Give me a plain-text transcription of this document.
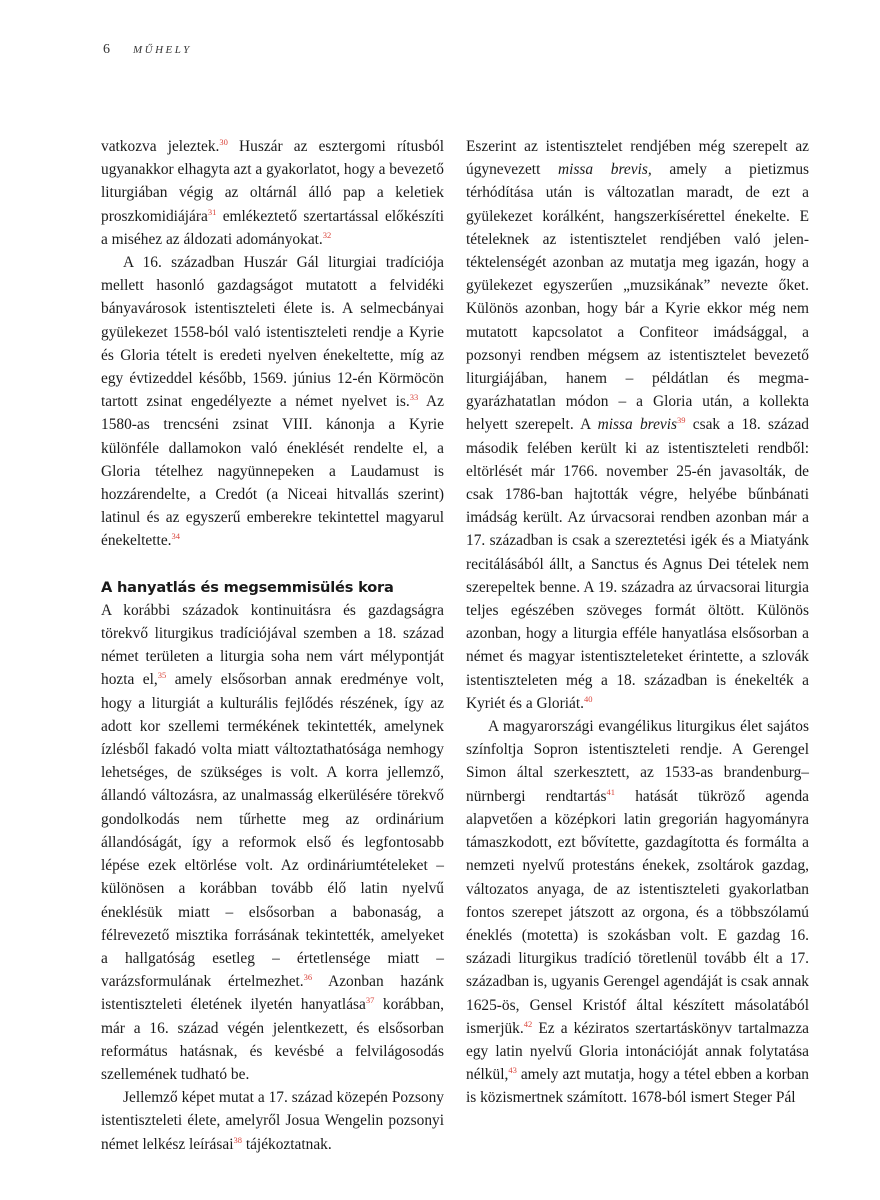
6	MŰHELY

vatkozva jeleztek.$^{30}$ Huszár az esztergomi rítusból ugyanakkor elhagyta azt a gyakorlatot, hogy a bevezető liturgiában végig az oltárnál álló pap a keletiek proszkomidiájára$^{31}$ emlékeztető szertartással előkészíti a miséhez az áldozati adományokat.$^{32}$

A 16. században Huszár Gál liturgiai tradíciója mellett hasonló gazdagságot mutatott a felvidéki bányavárosok istentiszteleti élete is. A selmecbányai gyülekezet 1558-ból való istentiszteleti rendje a Kyrie és Gloria tételt is eredeti nyelven énekeltette, míg az egy évtizeddel később, 1569. június 12-én Körmöcön tartott zsinat engedélyezte a német nyelvet is.$^{33}$ Az 1580-as trencséni zsinat VIII. kánonja a Kyrie különféle dallamokon való éneklését rendelte el, a Gloria tételhez nagyünnepeken a Laudamust is hozzárendelte, a Credót (a Niceai hitvallás szerint) latinul és az egyszerű emberekre tekintettel magyarul énekeltette.$^{34}$

A hanyatlás és megsemmisülés kora

A korábbi századok kontinuitásra és gazdagságra törekvő liturgikus tradíciójával szemben a 18. század német területen a liturgia soha nem várt mélypontját hozta el,$^{35}$ amely elsősorban annak eredménye volt, hogy a liturgiát a kulturális fejlődés részének, így az adott kor szellemi termékének tekintették, amelynek ízlésből fakadó volta miatt változtathatósága nemhogy lehetséges, de szükséges is volt. A korra jellemző, állandó változásra, az unalmasság elkerülésére törekvő gondolkodás nem tűrhette meg az ordinárium állandóságát, így a reformok első és legfontosabb lépése ezek eltörlése volt. Az ordináriumtételeket – különösen a korábban tovább élő latin nyelvű éneklésük miatt – elsősorban a babonaság, a félrevezető misztika forrásának tekintették, amelyeket a hallgatóság esetleg – értetlensége miatt – varázsformulának értelmezhet.$^{36}$ Azonban hazánk istentiszteleti életének ilyetén hanyatlása$^{37}$ korábban, már a 16. század végén jelentkezett, és elsősorban református hatásnak, és kevésbé a felvilágosodás szellemének tudható be.

Jellemző képet mutat a 17. század közepén Pozsony istentiszteleti élete, amelyről Josua Wengelin pozsonyi német lelkész leírásai$^{38}$ tájékoztatnak.

Eszerint az istentisztelet rendjében még szerepelt az úgynevezett missa brevis, amely a pietizmus térhódítása után is változatlan maradt, de ezt a gyülekezet korálként, hangszerkísérettel énekelte. E tételeknek az istentisztelet rendjében való jelentéktelenségét azonban az mutatja meg igazán, hogy a gyülekezet egyszerűen „muzsikának” nevezte őket. Különös azonban, hogy bár a Kyrie ekkor még nem mutatott kapcsolatot a Confiteor imádsággal, a pozsonyi rendben mégsem az istentisztelet bevezető liturgiájában, hanem – példátlan és megmagyarázhatatlan módon – a Gloria után, a kollekta helyett szerepelt. A missa brevis$^{39}$ csak a 18. század második felében került ki az istentiszteleti rendből: eltörlését már 1766. november 25-én javasolták, de csak 1786-ban hajtották végre, helyébe bűnbánati imádság került. Az úrvacsorai rendben azonban már a 17. században is csak a szereztetési igék és a Miatyánk recitálásából állt, a Sanctus és Agnus Dei tételek nem szerepeltek benne. A 19. századra az úrvacsorai liturgia teljes egészében szöveges formát öltött. Különös azonban, hogy a liturgia efféle hanyatlása elsősorban a német és magyar istentiszteleteket érintette, a szlovák istentiszteleten még a 18. században is énekelték a Kyriét és a Gloriát.$^{40}$

A magyarországi evangélikus liturgikus élet sajátos színfoltja Sopron istentiszteleti rendje. A Gerengel Simon által szerkesztett, az 1533-as brandenburg–nürnbergi rendtartás$^{41}$ hatását tükröző agenda alapvetően a középkori latin gregorián hagyományra támaszkodott, ezt bővítette, gazdagította és formálta a nemzeti nyelvű protestáns énekek, zsoltárok gazdag, változatos anyaga, de az istentiszteleti gyakorlatban fontos szerepet játszott az orgona, és a többszólamú éneklés (motetta) is szokásban volt. E gazdag 16. századi liturgikus tradíció töretlenül tovább élt a 17. században is, ugyanis Gerengel agendáját is csak annak 1625-ös, Gensel Kristóf által készített másolatából ismerjük.$^{42}$ Ez a kéziratos szertartáskönyv tartalmazza egy latin nyelvű Gloria intonációját annak folytatása nélkül,$^{43}$ amely azt mutatja, hogy a tétel ebben a korban is közismertnek számított. 1678-ból ismert Steger Pál
